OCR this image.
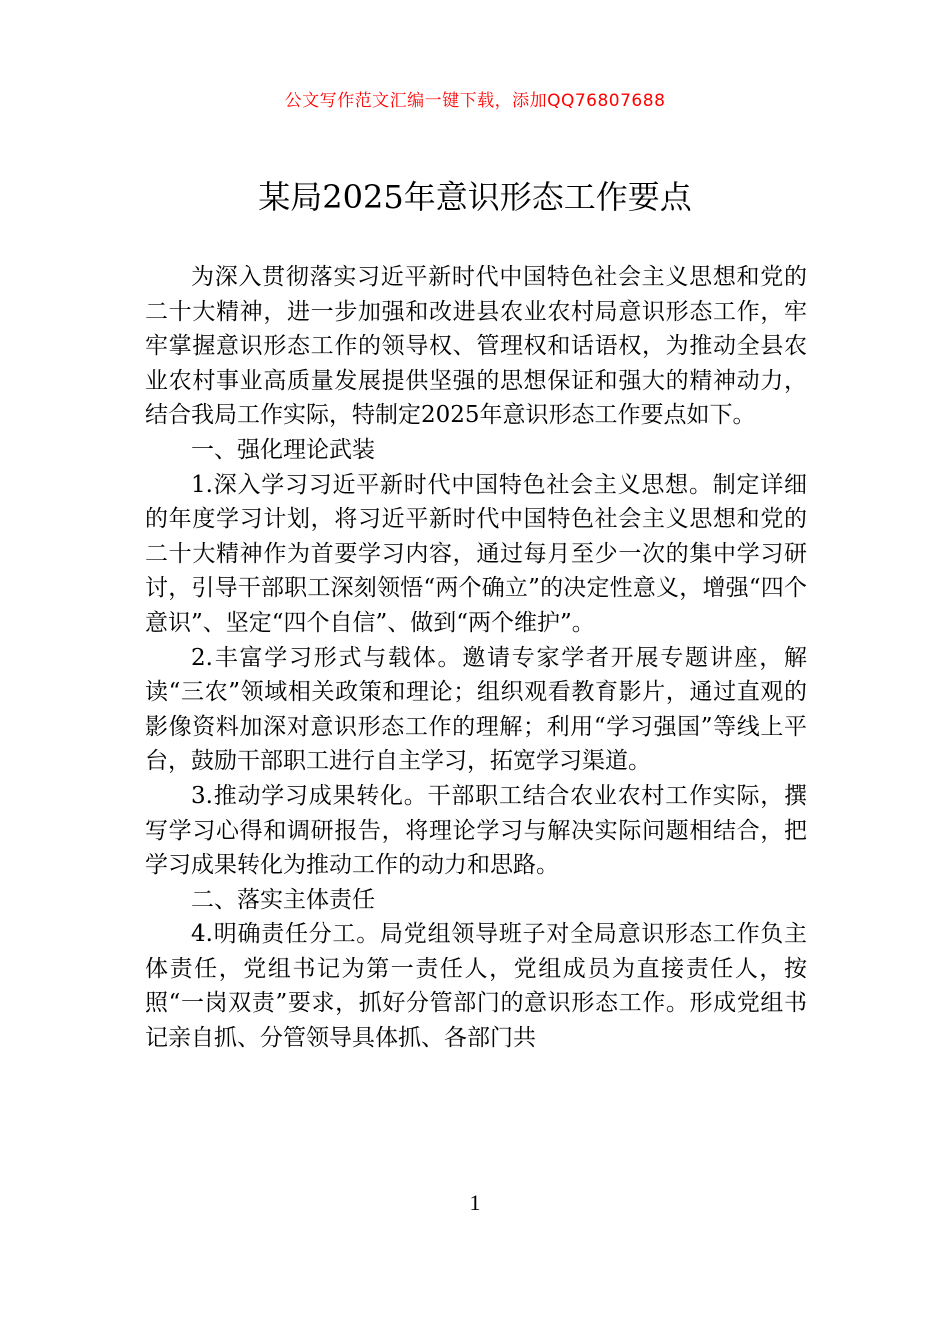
公文写作范文汇编一键下载，添加QQ76807688
某局2025年意识形态工作要点

为深入贯彻落实习近平新时代中国特色社会主义思想和党的二十大精神，进一步加强和改进县农业农村局意识形态工作，牢牢掌握意识形态工作的领导权、管理权和话语权，为推动全县农业农村事业高质量发展提供坚强的思想保证和强大的精神动力，结合我局工作实际，特制定2025年意识形态工作要点如下。

一、强化理论武装

1.深入学习习近平新时代中国特色社会主义思想。制定详细的年度学习计划，将习近平新时代中国特色社会主义思想和党的二十大精神作为首要学习内容，通过每月至少一次的集中学习研讨，引导干部职工深刻领悟“两个确立”的决定性意义，增强“四个意识”、坚定“四个自信”、做到“两个维护”。

2.丰富学习形式与载体。邀请专家学者开展专题讲座，解读“三农”领域相关政策和理论；组织观看教育影片，通过直观的影像资料加深对意识形态工作的理解；利用“学习强国”等线上平台，鼓励干部职工进行自主学习，拓宽学习渠道。

3.推动学习成果转化。干部职工结合农业农村工作实际，撰写学习心得和调研报告，将理论学习与解决实际问题相结合，把学习成果转化为推动工作的动力和思路。

二、落实主体责任

4.明确责任分工。局党组领导班子对全局意识形态工作负主体责任，党组书记为第一责任人，党组成员为直接责任人，按照“一岗双责”要求，抓好分管部门的意识形态工作。形成党组书记亲自抓、分管领导具体抓、各部门共

1
